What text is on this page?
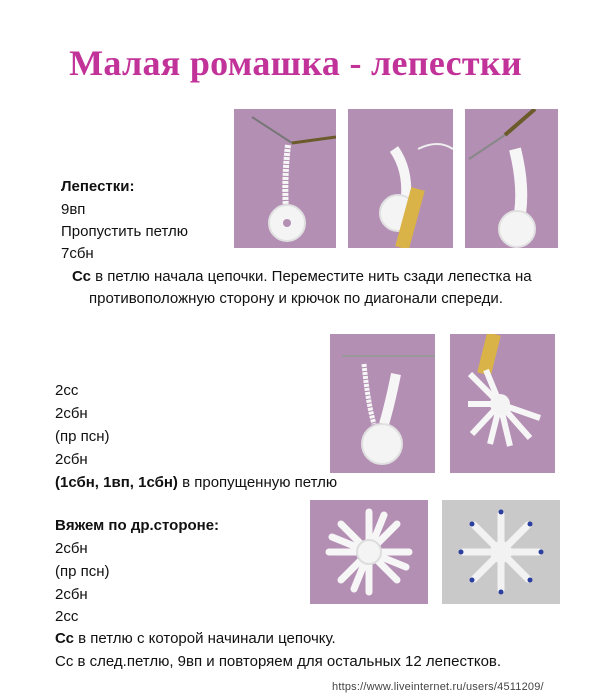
Малая ромашка - лепестки
Лепестки:
9вп
Пропустить петлю
7сбн
Сс в петлю начала цепочки. Переместите нить сзади лепестка на
противоположную сторону и крючок по диагонали спереди.
2сс
2сбн
(пр псн)
2сбн
(1сбн, 1вп, 1сбн) в пропущенную петлю
Вяжем по др.стороне:
2сбн
(пр псн)
2сбн
2сс
Сс в петлю с которой начинали цепочку.
Сс в след.петлю, 9вп и повторяем для остальных 12 лепестков.
https://www.liveinternet.ru/users/4511209/
